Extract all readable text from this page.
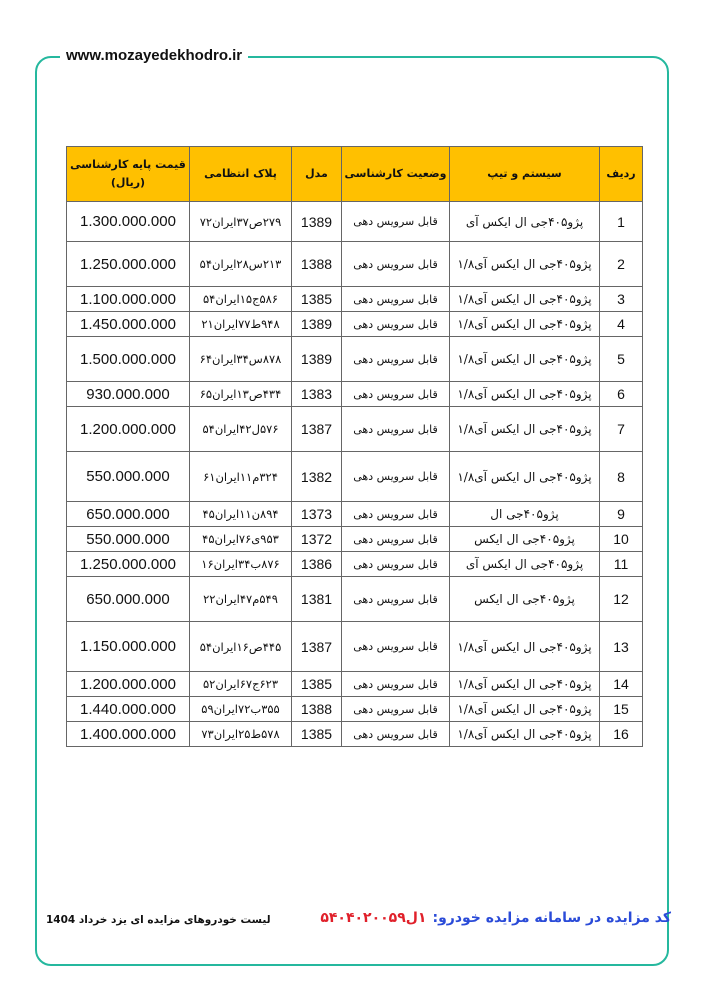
www.mozayedekhodro.ir
ردیف	سیستم و تیپ	وضعیت کارشناسی	مدل	پلاک انتظامی	قیمت پایه کارشناسی
(ریال)
1	پژو۴۰۵جی ال ایکس آی	قابل سرویس دهی	1389	۲۷۹ص۳۷ایران۷۲	1.300.000.000
2	پژو۴۰۵جی ال ایکس آی۱/۸	قابل سرویس دهی	1388	۲۱۳س۲۸ایران۵۴	1.250.000.000
3	پژو۴۰۵جی ال ایکس آی۱/۸	قابل سرویس دهی	1385	۵۸۶ج۱۵ایران۵۴	1.100.000.000
4	پژو۴۰۵جی ال ایکس آی۱/۸	قابل سرویس دهی	1389	۹۴۸ط۷۷ایران۲۱	1.450.000.000
5	پژو۴۰۵جی ال ایکس آی۱/۸	قابل سرویس دهی	1389	۸۷۸س۳۴ایران۶۴	1.500.000.000
6	پژو۴۰۵جی ال ایکس آی۱/۸	قابل سرویس دهی	1383	۴۳۴ص۱۳ایران۶۵	930.000.000
7	پژو۴۰۵جی ال ایکس آی۱/۸	قابل سرویس دهی	1387	۵۷۶ل۴۲ایران۵۴	1.200.000.000
8	پژو۴۰۵جی ال ایکس آی۱/۸	قابل سرویس دهی	1382	۳۲۴م۱۱ایران۶۱	550.000.000
9	پژو۴۰۵جی ال	قابل سرویس دهی	1373	۸۹۴ن۱۱ایران۴۵	650.000.000
10	پژو۴۰۵جی ال ایکس	قابل سرویس دهی	1372	۹۵۳ی۷۶ایران۴۵	550.000.000
11	پژو۴۰۵جی ال ایکس آی	قابل سرویس دهی	1386	۸۷۶ب۳۴ایران۱۶	1.250.000.000
12	پژو۴۰۵جی ال ایکس	قابل سرویس دهی	1381	۵۴۹م۴۷ایران۲۲	650.000.000
13	پژو۴۰۵جی ال ایکس آی۱/۸	قابل سرویس دهی	1387	۴۴۵ص۱۶ایران۵۴	1.150.000.000
14	پژو۴۰۵جی ال ایکس آی۱/۸	قابل سرویس دهی	1385	۶۲۳ج۶۷ایران۵۲	1.200.000.000
15	پژو۴۰۵جی ال ایکس آی۱/۸	قابل سرویس دهی	1388	۳۵۵ب۷۲ایران۵۹	1.440.000.000
16	پژو۴۰۵جی ال ایکس آی۱/۸	قابل سرویس دهی	1385	۵۷۸ط۲۵ایران۷۳	1.400.000.000
کد مزایده در سامانه مزایده خودرو:۱ل۵۴۰۴۰۲۰۰۵۹
لیست خودروهای مزایده ای یزد خرداد 1404
